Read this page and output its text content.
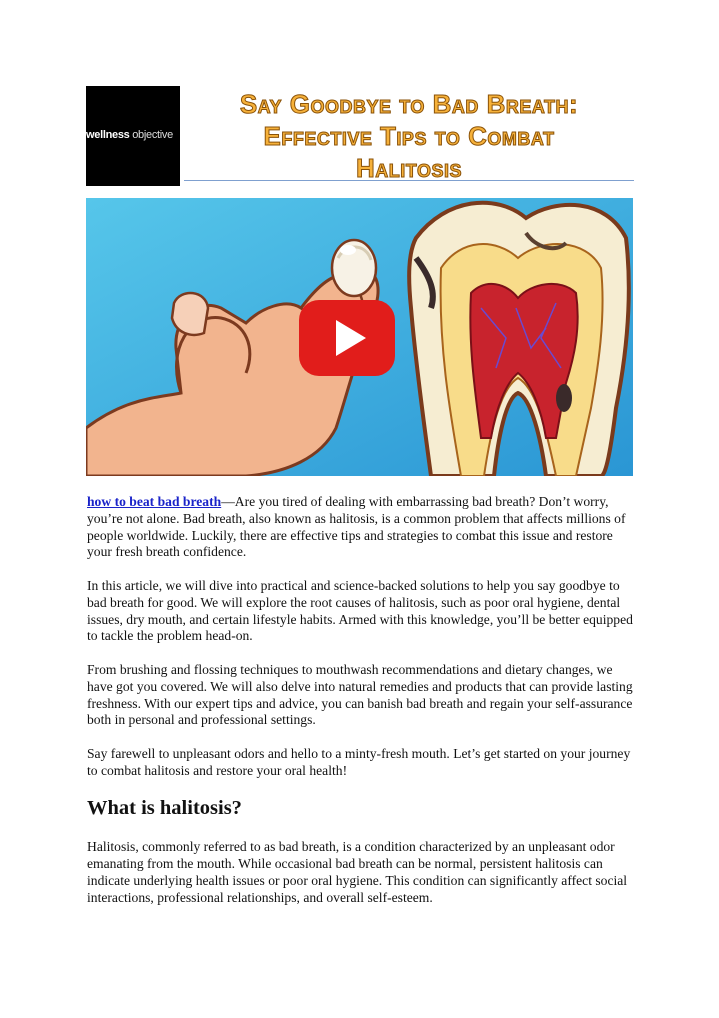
wellness objective
Say Goodbye to Bad Breath:
Effective Tips to Combat
Halitosis

how to beat bad breath—Are you tired of dealing with embarrassing bad breath? Don’t worry, you’re not alone. Bad breath, also known as halitosis, is a common problem that affects millions of people worldwide. Luckily, there are effective tips and strategies to combat this issue and restore your fresh breath confidence.

In this article, we will dive into practical and science-backed solutions to help you say goodbye to bad breath for good. We will explore the root causes of halitosis, such as poor oral hygiene, dental issues, dry mouth, and certain lifestyle habits. Armed with this knowledge, you’ll be better equipped to tackle the problem head-on.

From brushing and flossing techniques to mouthwash recommendations and dietary changes, we have got you covered. We will also delve into natural remedies and products that can provide lasting freshness. With our expert tips and advice, you can banish bad breath and regain your self-assurance both in personal and professional settings.

Say farewell to unpleasant odors and hello to a minty-fresh mouth. Let’s get started on your journey to combat halitosis and restore your oral health!

What is halitosis?

Halitosis, commonly referred to as bad breath, is a condition characterized by an unpleasant odor emanating from the mouth. While occasional bad breath can be normal, persistent halitosis can indicate underlying health issues or poor oral hygiene. This condition can significantly affect social interactions, professional relationships, and overall self-esteem.
